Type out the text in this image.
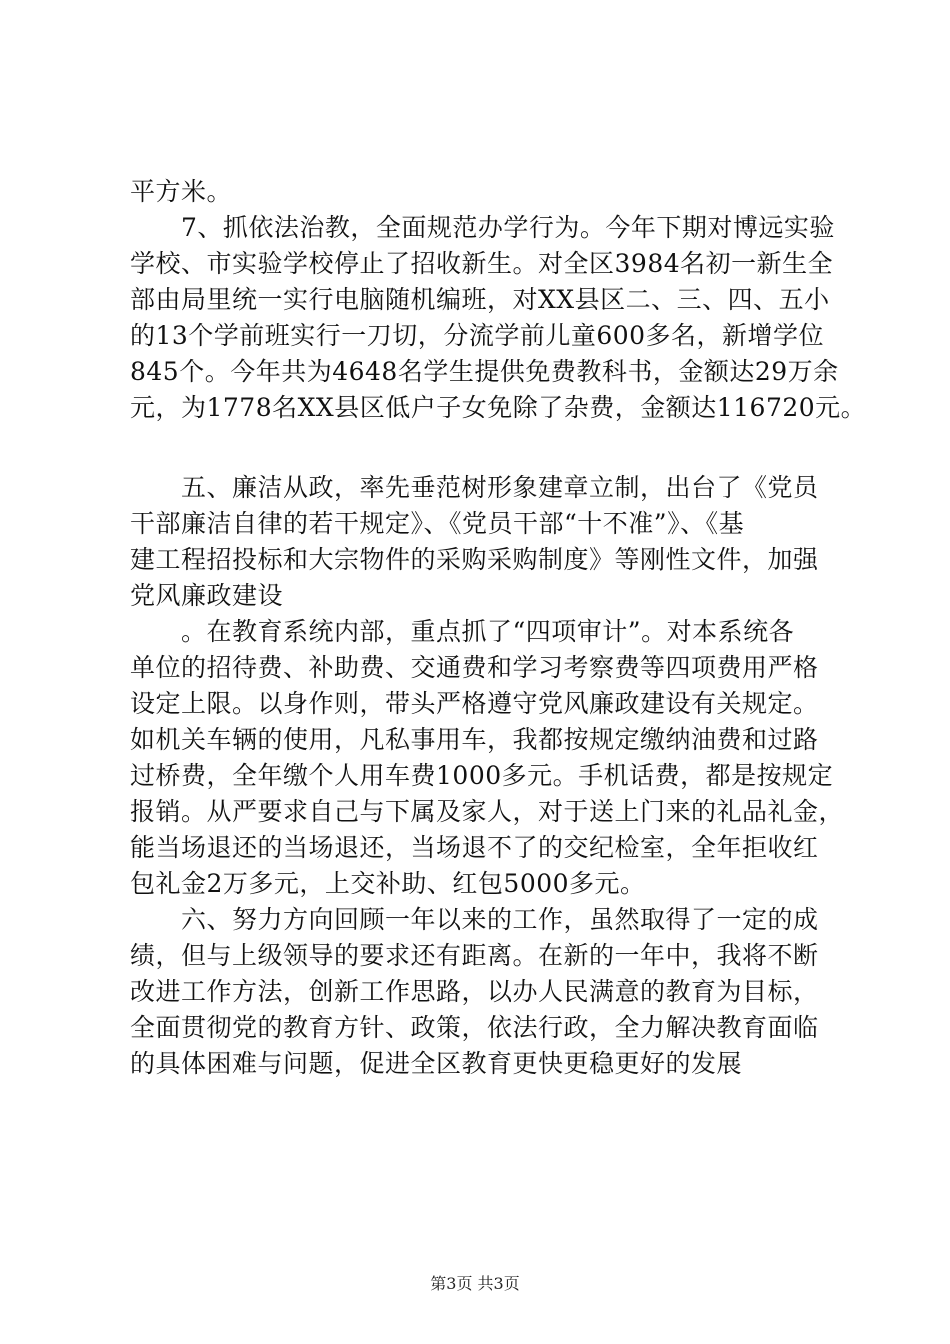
平方米。
　　7、抓依法治教，全面规范办学行为。今年下期对博远实验
学校、市实验学校停止了招收新生。对全区3984名初一新生全
部由局里统一实行电脑随机编班，对XX县区二、三、四、五小
的13个学前班实行一刀切，分流学前儿童600多名，新增学位
845个。今年共为4648名学生提供免费教科书，金额达29万余
元，为1778名XX县区低户子女免除了杂费，金额达116720元。
　　五、廉洁从政，率先垂范树形象建章立制，出台了《党员
干部廉洁自律的若干规定》、《党员干部“十不准”》、《基
建工程招投标和大宗物件的采购采购制度》等刚性文件，加强
党风廉政建设
　　。在教育系统内部，重点抓了“四项审计”。对本系统各
单位的招待费、补助费、交通费和学习考察费等四项费用严格
设定上限。以身作则，带头严格遵守党风廉政建设有关规定。
如机关车辆的使用，凡私事用车，我都按规定缴纳油费和过路
过桥费，全年缴个人用车费1000多元。手机话费，都是按规定
报销。从严要求自己与下属及家人，对于送上门来的礼品礼金，
能当场退还的当场退还，当场退不了的交纪检室，全年拒收红
包礼金2万多元，上交补助、红包5000多元。
　　六、努力方向回顾一年以来的工作，虽然取得了一定的成
绩，但与上级领导的要求还有距离。在新的一年中，我将不断
改进工作方法，创新工作思路，以办人民满意的教育为目标，
全面贯彻党的教育方针、政策，依法行政，全力解决教育面临
的具体困难与问题，促进全区教育更快更稳更好的发展
第3页 共3页
